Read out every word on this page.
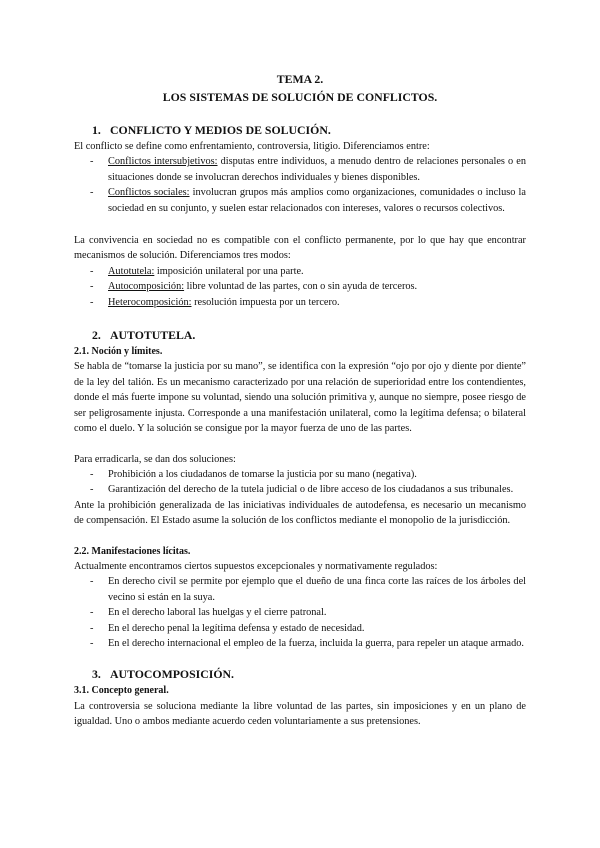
TEMA 2.
LOS SISTEMAS DE SOLUCIÓN DE CONFLICTOS.
1. CONFLICTO Y MEDIOS DE SOLUCIÓN.

El conflicto se define como enfrentamiento, controversia, litigio. Diferenciamos entre:

- Conflictos intersubjetivos: disputas entre individuos, a menudo dentro de relaciones personales o en situaciones donde se involucran derechos individuales y bienes disponibles.
- Conflictos sociales: involucran grupos más amplios como organizaciones, comunidades o incluso la sociedad en su conjunto, y suelen estar relacionados con intereses, valores o recursos colectivos.

La convivencia en sociedad no es compatible con el conflicto permanente, por lo que hay que encontrar mecanismos de solución. Diferenciamos tres modos:

- Autotutela: imposición unilateral por una parte.
- Autocomposición: libre voluntad de las partes, con o sin ayuda de terceros.
- Heterocomposición: resolución impuesta por un tercero.
2. AUTOTUTELA.
2.1. Noción y límites.

Se habla de “tomarse la justicia por su mano”, se identifica con la expresión “ojo por ojo y diente por diente” de la ley del talión. Es un mecanismo caracterizado por una relación de superioridad entre los contendientes, donde el más fuerte impone su voluntad, siendo una solución primitiva y, aunque no siempre, posee riesgo de ser peligrosamente injusta. Corresponde a una manifestación unilateral, como la legítima defensa; o bilateral como el duelo. Y la solución se consigue por la mayor fuerza de uno de las partes.

Para erradicarla, se dan dos soluciones:

- Prohibición a los ciudadanos de tomarse la justicia por su mano (negativa).
- Garantización del derecho de la tutela judicial o de libre acceso de los ciudadanos a sus tribunales.

Ante la prohibición generalizada de las iniciativas individuales de autodefensa, es necesario un mecanismo de compensación. El Estado asume la solución de los conflictos mediante el monopolio de la jurisdicción.

2.2. Manifestaciones lícitas.

Actualmente encontramos ciertos supuestos excepcionales y normativamente regulados:

- En derecho civil se permite por ejemplo que el dueño de una finca corte las raíces de los árboles del vecino si están en la suya.
- En el derecho laboral las huelgas y el cierre patronal.
- En el derecho penal la legítima defensa y estado de necesidad.
- En el derecho internacional el empleo de la fuerza, incluida la guerra, para repeler un ataque armado.
3. AUTOCOMPOSICIÓN.
3.1. Concepto general.

La controversia se soluciona mediante la libre voluntad de las partes, sin imposiciones y en un plano de igualdad. Uno o ambos mediante acuerdo ceden voluntariamente a sus pretensiones.
